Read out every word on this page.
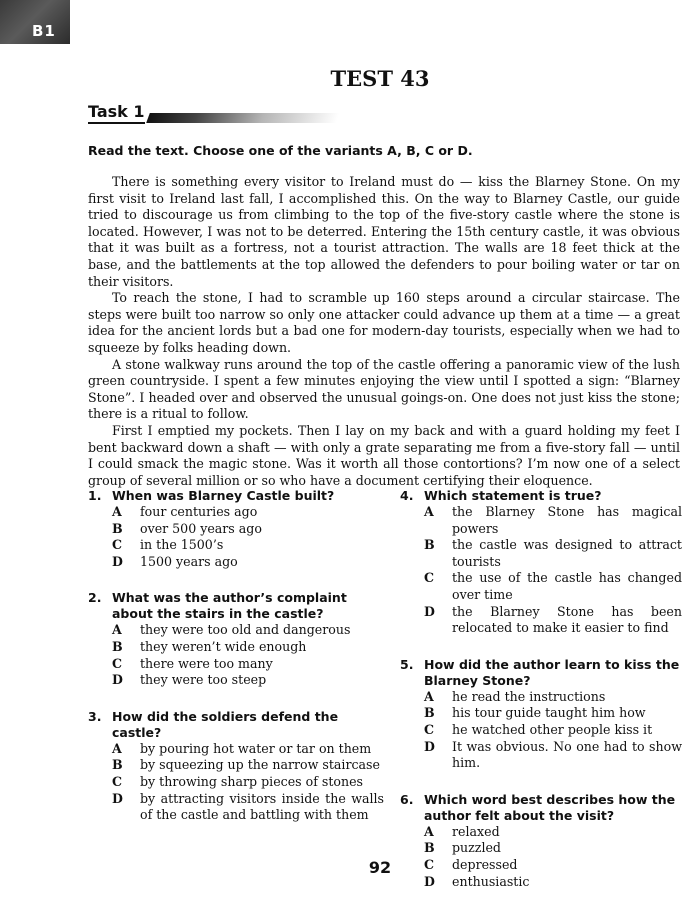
B1
TEST 43
Task 1
Read the text. Choose one of the variants A, B, C or D.

There is something every visitor to Ireland must do — kiss the Blarney Stone. On my first visit to Ireland last fall, I accomplished this. On the way to Blarney Castle, our guide tried to discourage us from climbing to the top of the five-story castle where the stone is located. However, I was not to be deterred. Entering the 15th century castle, it was obvious that it was built as a fortress, not a tourist attraction. The walls are 18 feet thick at the base, and the battlements at the top allowed the defenders to pour boiling water or tar on their visitors.

To reach the stone, I had to scramble up 160 steps around a circular staircase. The steps were built too narrow so only one attacker could advance up them at a time — a great idea for the ancient lords but a bad one for modern-day tourists, especially when we had to squeeze by folks heading down.

A stone walkway runs around the top of the castle offering a panoramic view of the lush green countryside. I spent a few minutes enjoying the view until I spotted a sign: “Blarney Stone”. I headed over and observed the unusual goings-on. One does not just kiss the stone; there is a ritual to follow.

First I emptied my pockets. Then I lay on my back and with a guard holding my feet I bent backward down a shaft — with only a grate separating me from a five-story fall — until I could smack the magic stone. Was it worth all those contortions? I’m now one of a select group of several million or so who have a document certifying their eloquence.

1. When was Blarney Castle built?
A	four centuries ago
B	over 500 years ago
C	in the 1500’s
D	1500 years ago
2. What was the author’s complaint about the stairs in the castle?
A	they were too old and dangerous
B	they weren’t wide enough
C	there were too many
D	they were too steep
3. How did the soldiers defend the castle?
A	by pouring hot water or tar on them
B	by squeezing up the narrow staircase
C	by throwing sharp pieces of stones
D	by attracting visitors inside the walls of the castle and battling with them
4. Which statement is true?
A	the Blarney Stone has magical powers
B	the castle was designed to attract tourists
C	the use of the castle has changed over time
D	the Blarney Stone has been relocated to make it easier to find
5. How did the author learn to kiss the Blarney Stone?
A	he read the instructions
B	his tour guide taught him how
C	he watched other people kiss it
D	It was obvious. No one had to show him.
6. Which word best describes how the author felt about the visit?
A	relaxed
B	puzzled
C	depressed
D	enthusiastic
92
